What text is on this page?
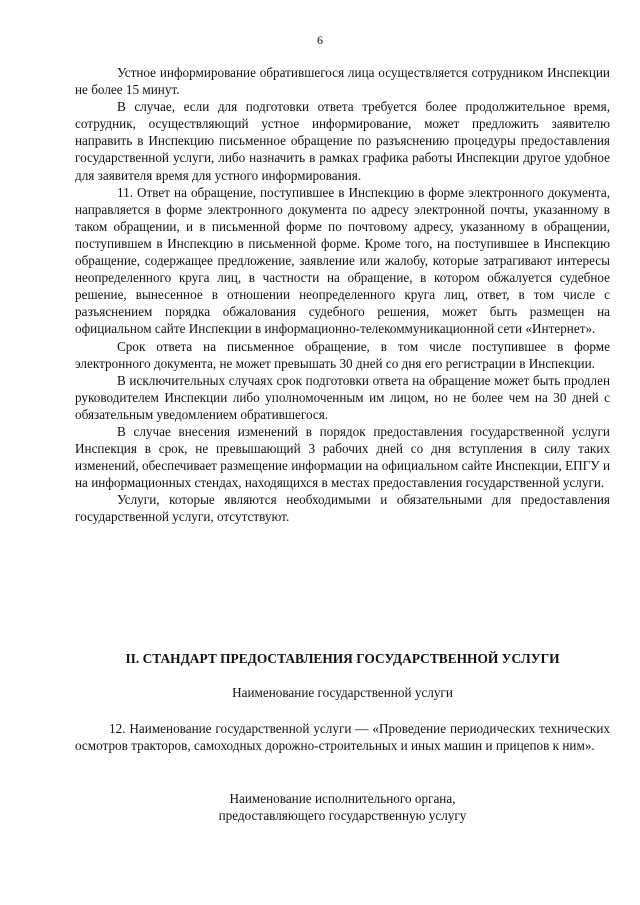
6

Устное информирование обратившегося лица осуществляется сотрудником Инспекции не более 15 минут.

В случае, если для подготовки ответа требуется более продолжительное время, сотрудник, осуществляющий устное информирование, может предложить заявителю направить в Инспекцию письменное обращение по разъяснению процедуры предоставления государственной услуги, либо назначить в рамках графика работы Инспекции другое удобное для заявителя время для устного информирования.

11. Ответ на обращение, поступившее в Инспекцию в форме электронного документа, направляется в форме электронного документа по адресу электронной почты, указанному в таком обращении, и в письменной форме по почтовому адресу, указанному в обращении, поступившем в Инспекцию в письменной форме. Кроме того, на поступившее в Инспекцию обращение, содержащее предложение, заявление или жалобу, которые затрагивают интересы неопределенного круга лиц, в частности на обращение, в котором обжалуется судебное решение, вынесенное в отношении неопределенного круга лиц, ответ, в том числе с разъяснением порядка обжалования судебного решения, может быть размещен на официальном сайте Инспекции в информационно-телекоммуникационной сети «Интернет».

Срок ответа на письменное обращение, в том числе поступившее в форме электронного документа, не может превышать 30 дней со дня его регистрации в Инспекции.

В исключительных случаях срок подготовки ответа на обращение может быть продлен руководителем Инспекции либо уполномоченным им лицом, но не более чем на 30 дней с обязательным уведомлением обратившегося.

В случае внесения изменений в порядок предоставления государственной услуги Инспекция в срок, не превышающий 3 рабочих дней со дня вступления в силу таких изменений, обеспечивает размещение информации на официальном сайте Инспекции, ЕПГУ и на информационных стендах, находящихся в местах предоставления государственной услуги.

Услуги, которые являются необходимыми и обязательными для предоставления государственной услуги, отсутствуют.

II. СТАНДАРТ ПРЕДОСТАВЛЕНИЯ ГОСУДАРСТВЕННОЙ УСЛУГИ
Наименование государственной услуги

12. Наименование государственной услуги — «Проведение периодических технических осмотров тракторов, самоходных дорожно-строительных и иных машин и прицепов к ним».

Наименование исполнительного органа,
предоставляющего государственную услугу
